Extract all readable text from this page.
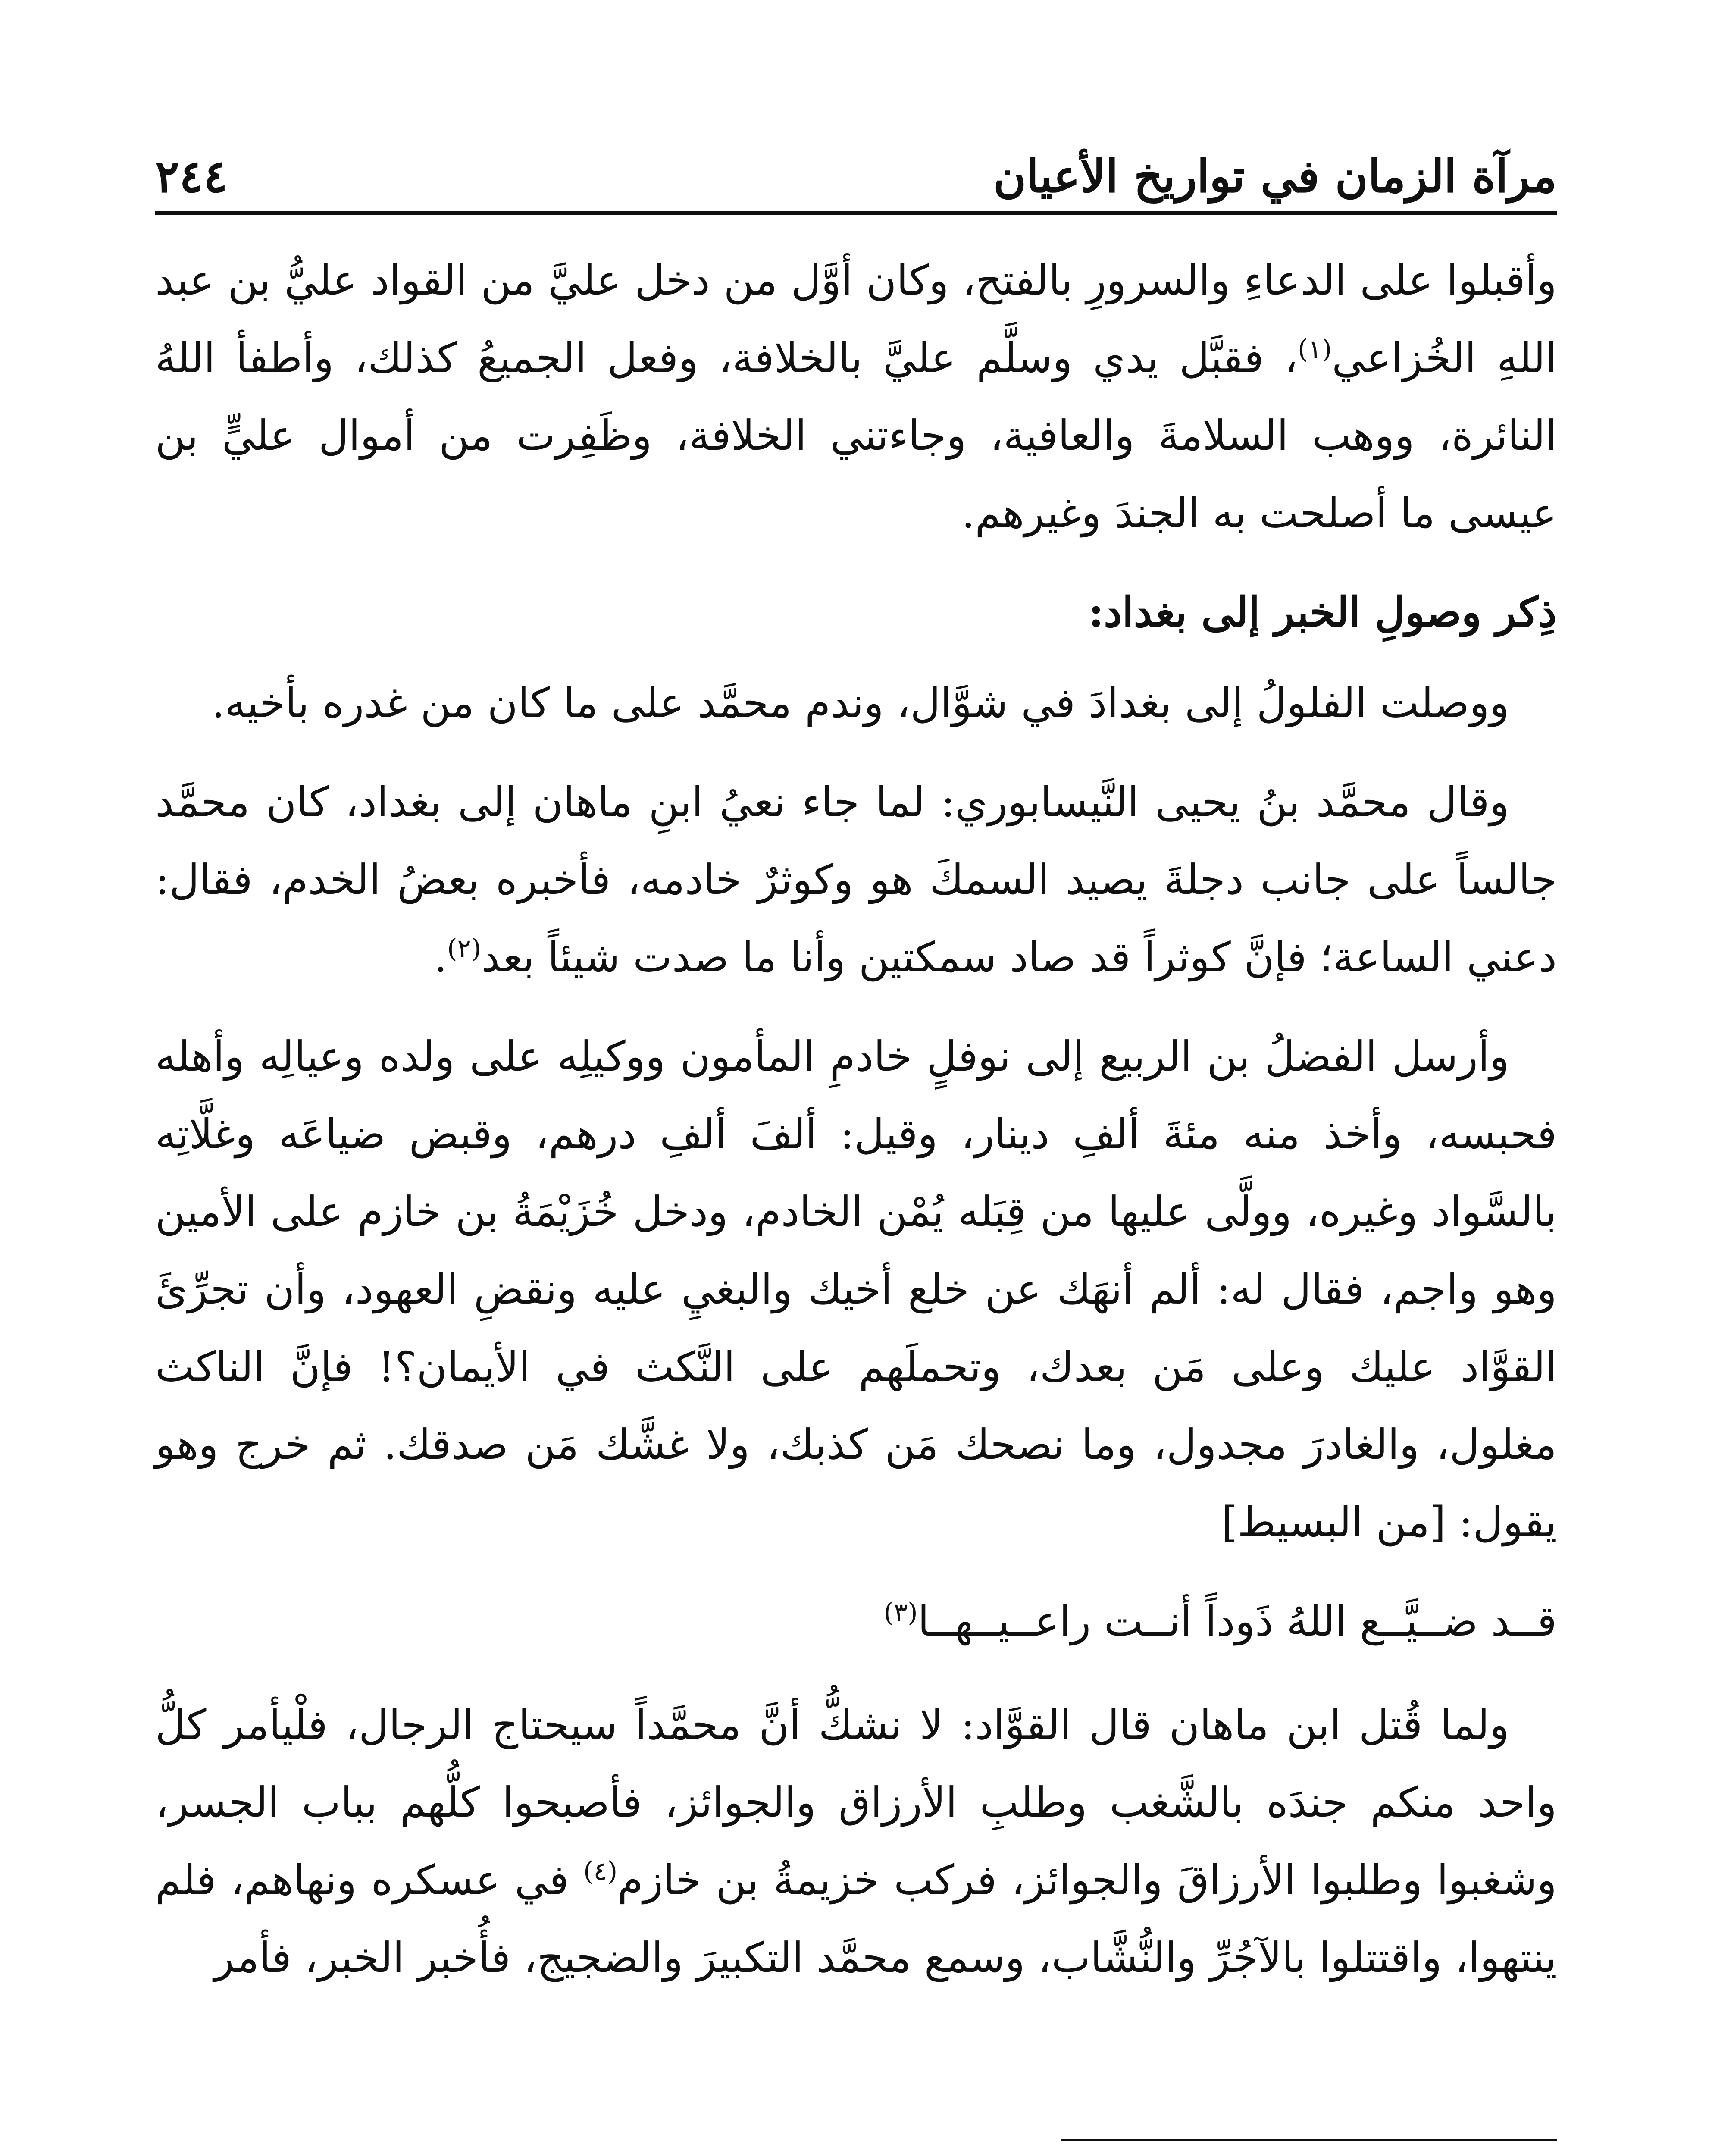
مرآة الزمان في تواريخ الأعيان
٢٤٤

وأقبلوا على الدعاءِ والسرورِ بالفتح، وكان أوَّل من دخل عليَّ من القواد عليُّ بن عبد اللهِ الخُزاعي$^{(١)}$، فقبَّل يدي وسلَّم عليَّ بالخلافة، وفعل الجميعُ كذلك، وأطفأ اللهُ النائرة، ووهب السلامةَ والعافية، وجاءتني الخلافة، وظَفِرت من أموال عليٍّ بن عيسى ما أصلحت به الجندَ وغيرهم.

ذِكر وصولِ الخبر إلى بغداد:

ووصلت الفلولُ إلى بغدادَ في شوَّال، وندم محمَّد على ما كان من غدره بأخيه.

وقال محمَّد بنُ يحيى النَّيسابوري: لما جاء نعيُ ابنِ ماهان إلى بغداد، كان محمَّد جالساً على جانب دجلةَ يصيد السمكَ هو وكوثرٌ خادمه، فأخبره بعضُ الخدم، فقال: دعني الساعة؛ فإنَّ كوثراً قد صاد سمكتين وأنا ما صدت شيئاً بعد$^{(٢)}$.

وأرسل الفضلُ بن الربيع إلى نوفلٍ خادمِ المأمون ووكيلِه على ولده وعيالِه وأهله فحبسه، وأخذ منه مئةَ ألفِ دينار، وقيل: ألفَ ألفِ درهم، وقبض ضياعَه وغلَّاتِه بالسَّواد وغيره، وولَّى عليها من قِبَله يُمْن الخادم، ودخل خُزَيْمَةُ بن خازم على الأمين وهو واجم، فقال له: ألم أنهَك عن خلع أخيك والبغيِ عليه ونقضِ العهود، وأن تجرِّئَ القوَّاد عليك وعلى مَن بعدك، وتحملَهم على النَّكث في الأيمان؟! فإنَّ الناكث مغلول، والغادرَ مجدول، وما نصحك مَن كذبك، ولا غشَّك مَن صدقك. ثم خرج وهو يقول: [من البسيط]

قــد ضــيَّــع اللهُ ذَوداً أنــت راعــيــهــا$^{(٣)}$

ولما قُتل ابن ماهان قال القوَّاد: لا نشكُّ أنَّ محمَّداً سيحتاج الرجال، فلْيأمر كلُّ واحد منكم جندَه بالشَّغب وطلبِ الأرزاق والجوائز، فأصبحوا كلُّهم بباب الجسر، وشغبوا وطلبوا الأرزاقَ والجوائز، فركب خزيمةُ بن خازم$^{(٤)}$ في عسكره ونهاهم، فلم ينتهوا، واقتتلوا بالآجُرِّ والنُّشَّاب، وسمع محمَّد التكبيرَ والضجيج، فأُخبر الخبر، فأمر
